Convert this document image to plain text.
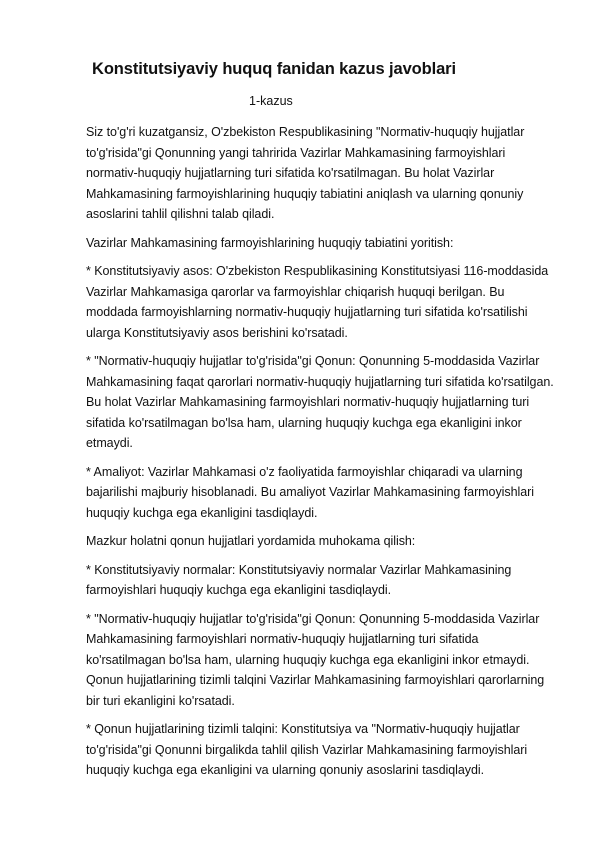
Konstitutsiyaviy huquq fanidan kazus javoblari
1-kazus

Siz to'g'ri kuzatgansiz, O'zbekiston Respublikasining "Normativ-huquqiy hujjatlar to'g'risida"gi Qonunning yangi tahririda Vazirlar Mahkamasining farmoyishlari normativ-huquqiy hujjatlarning turi sifatida ko'rsatilmagan. Bu holat Vazirlar Mahkamasining farmoyishlarining huquqiy tabiatini aniqlash va ularning qonuniy asoslarini tahlil qilishni talab qiladi.

Vazirlar Mahkamasining farmoyishlarining huquqiy tabiatini yoritish:

* Konstitutsiyaviy asos: O'zbekiston Respublikasining Konstitutsiyasi 116-moddasida Vazirlar Mahkamasiga qarorlar va farmoyishlar chiqarish huquqi berilgan. Bu moddada farmoyishlarning normativ-huquqiy hujjatlarning turi sifatida ko'rsatilishi ularga Konstitutsiyaviy asos berishini ko'rsatadi.

* "Normativ-huquqiy hujjatlar to'g'risida"gi Qonun: Qonunning 5-moddasida Vazirlar Mahkamasining faqat qarorlari normativ-huquqiy hujjatlarning turi sifatida ko'rsatilgan. Bu holat Vazirlar Mahkamasining farmoyishlari normativ-huquqiy hujjatlarning turi sifatida ko'rsatilmagan bo'lsa ham, ularning huquqiy kuchga ega ekanligini inkor etmaydi.

* Amaliyot: Vazirlar Mahkamasi o'z faoliyatida farmoyishlar chiqaradi va ularning bajarilishi majburiy hisoblanadi. Bu amaliyot Vazirlar Mahkamasining farmoyishlari huquqiy kuchga ega ekanligini tasdiqlaydi.

Mazkur holatni qonun hujjatlari yordamida muhokama qilish:

* Konstitutsiyaviy normalar: Konstitutsiyaviy normalar Vazirlar Mahkamasining farmoyishlari huquqiy kuchga ega ekanligini tasdiqlaydi.

* "Normativ-huquqiy hujjatlar to'g'risida"gi Qonun: Qonunning 5-moddasida Vazirlar Mahkamasining farmoyishlari normativ-huquqiy hujjatlarning turi sifatida ko'rsatilmagan bo'lsa ham, ularning huquqiy kuchga ega ekanligini inkor etmaydi. Qonun hujjatlarining tizimli talqini Vazirlar Mahkamasining farmoyishlari qarorlarning bir turi ekanligini ko'rsatadi.

* Qonun hujjatlarining tizimli talqini: Konstitutsiya va "Normativ-huquqiy hujjatlar to'g'risida"gi Qonunni birgalikda tahlil qilish Vazirlar Mahkamasining farmoyishlari huquqiy kuchga ega ekanligini va ularning qonuniy asoslarini tasdiqlaydi.
